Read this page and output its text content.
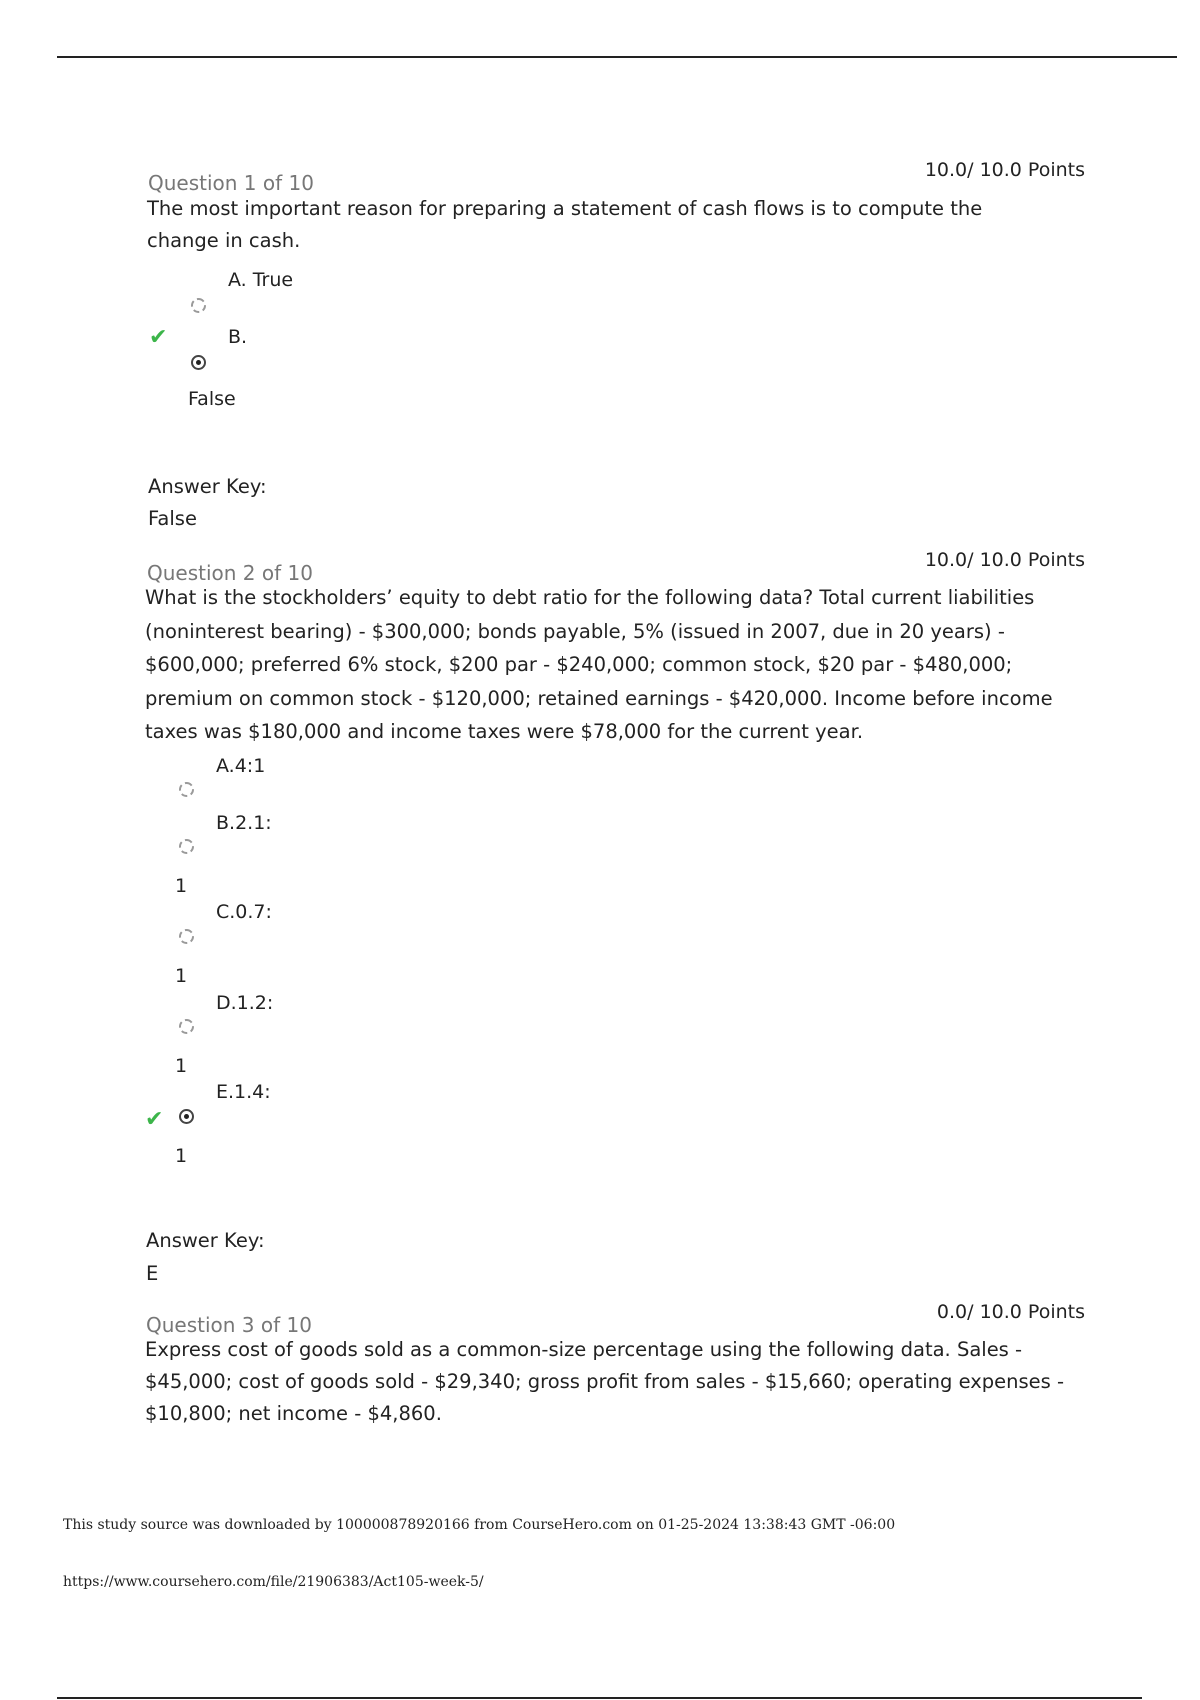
Question 1 of 10
10.0/ 10.0 Points
The most important reason for preparing a statement of cash flows is to compute the change in cash.
A. True
✔	B.
False
Answer Key:
False
Question 2 of 10
10.0/ 10.0 Points
What is the stockholders’ equity to debt ratio for the following data? Total current liabilities (noninterest bearing) - $300,000; bonds payable, 5% (issued in 2007, due in 20 years) - $600,000; preferred 6% stock, $200 par - $240,000; common stock, $20 par - $480,000; premium on common stock - $120,000; retained earnings - $420,000. Income before income taxes was $180,000 and income taxes were $78,000 for the current year.
A.4:1
B.2.1:
1
C.0.7:
1
D.1.2:
1
E.1.4:
✔
1
Answer Key:
E
Question 3 of 10
0.0/ 10.0 Points
Express cost of goods sold as a common-size percentage using the following data. Sales - $45,000; cost of goods sold - $29,340; gross profit from sales - $15,660; operating expenses - $10,800; net income - $4,860.
This study source was downloaded by 100000878920166 from CourseHero.com on 01-25-2024 13:38:43 GMT -06:00
https://www.coursehero.com/file/21906383/Act105-week-5/
